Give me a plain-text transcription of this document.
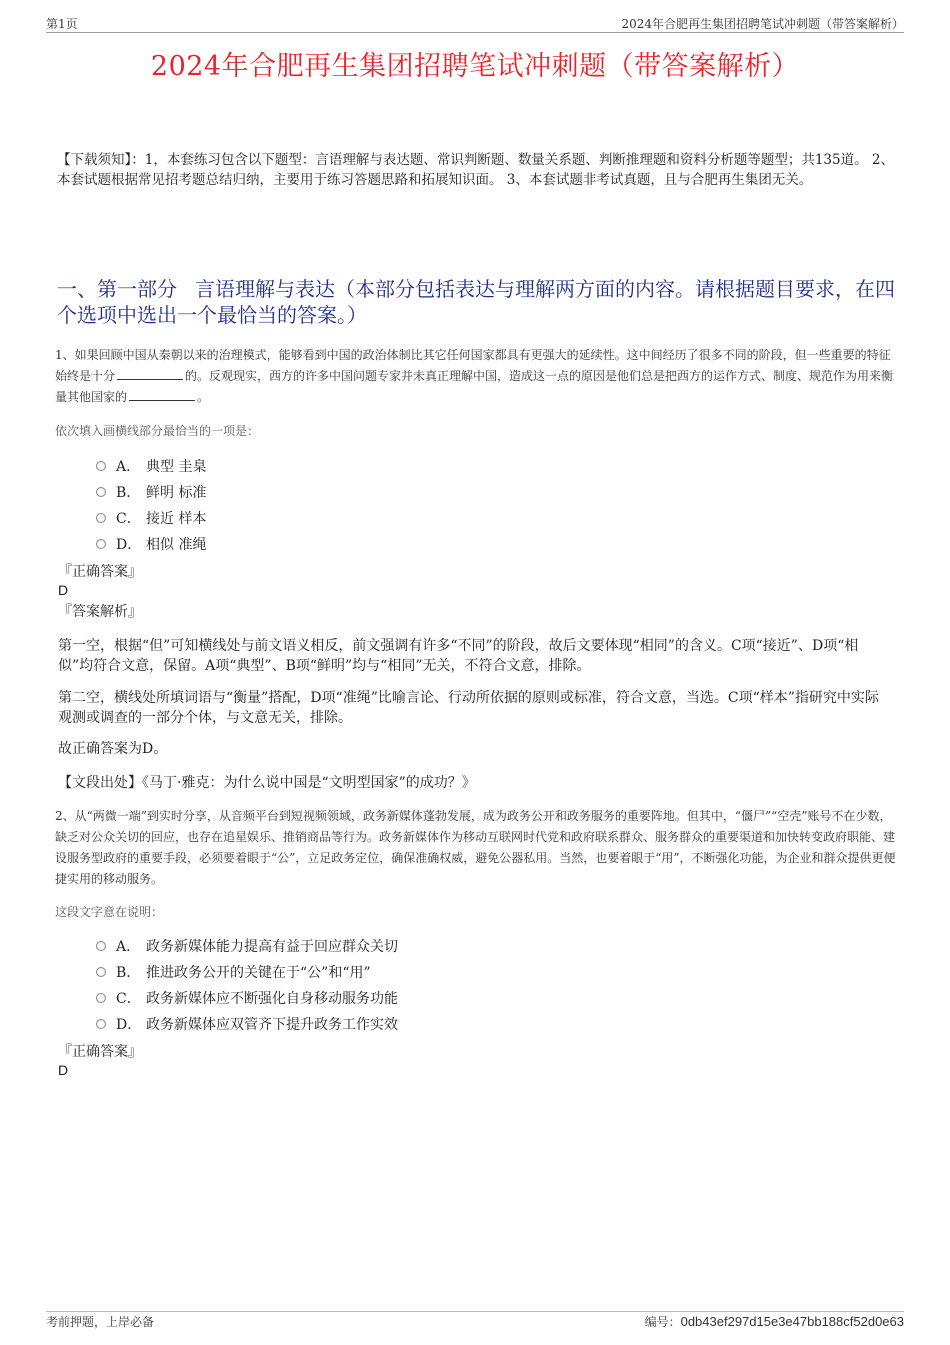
第1页	2024年合肥再生集团招聘笔试冲刺题（带答案解析）
2024年合肥再生集团招聘笔试冲刺题（带答案解析）
【下载须知】：1，本套练习包含以下题型：言语理解与表达题、常识判断题、数量关系题、判断推理题和资料分析题等题型；共135道。 2、本套试题根据常见招考题总结归纳，主要用于练习答题思路和拓展知识面。 3、本套试题非考试真题，且与合肥再生集团无关。
一、第一部分 言语理解与表达（本部分包括表达与理解两方面的内容。请根据题目要求，在四个选项中选出一个最恰当的答案。）
1、如果回顾中国从秦朝以来的治理模式，能够看到中国的政治体制比其它任何国家都具有更强大的延续性。这中间经历了很多不同的阶段，但一些重要的特征始终是十分	的。反观现实，西方的许多中国问题专家并未真正理解中国，造成这一点的原因是他们总是把西方的运作方式、制度、规范作为用来衡量其他国家的	。
依次填入画横线部分最恰当的一项是：
A． 典型 圭臬
B． 鲜明 标准
C． 接近 样本
D． 相似 准绳
『正确答案』
D
『答案解析』
第一空，根据“但”可知横线处与前文语义相反，前文强调有许多“不同”的阶段，故后文要体现“相同”的含义。C项“接近”、D项“相似”均符合文意，保留。A项“典型”、B项“鲜明”均与“相同”无关，不符合文意，排除。
第二空，横线处所填词语与“衡量”搭配，D项“准绳”比喻言论、行动所依据的原则或标准，符合文意，当选。C项“样本”指研究中实际观测或调查的一部分个体，与文意无关，排除。
故正确答案为D。
【文段出处】《马丁·雅克：为什么说中国是“文明型国家”的成功？》
2、从“两微一端”到实时分享，从音频平台到短视频领域，政务新媒体蓬勃发展，成为政务公开和政务服务的重要阵地。但其中，“僵尸”“空壳”账号不在少数，缺乏对公众关切的回应，也存在追星娱乐、推销商品等行为。政务新媒体作为移动互联网时代党和政府联系群众、服务群众的重要渠道和加快转变政府职能、建设服务型政府的重要手段，必须要着眼于“公”，立足政务定位，确保准确权威，避免公器私用。当然，也要着眼于“用”，不断强化功能，为企业和群众提供更便捷实用的移动服务。
这段文字意在说明：
A． 政务新媒体能力提高有益于回应群众关切
B． 推进政务公开的关键在于“公”和“用”
C． 政务新媒体应不断强化自身移动服务功能
D． 政务新媒体应双管齐下提升政务工作实效
『正确答案』
D
考前押题，上岸必备	编号：0db43ef297d15e3e47bb188cf52d0e63
